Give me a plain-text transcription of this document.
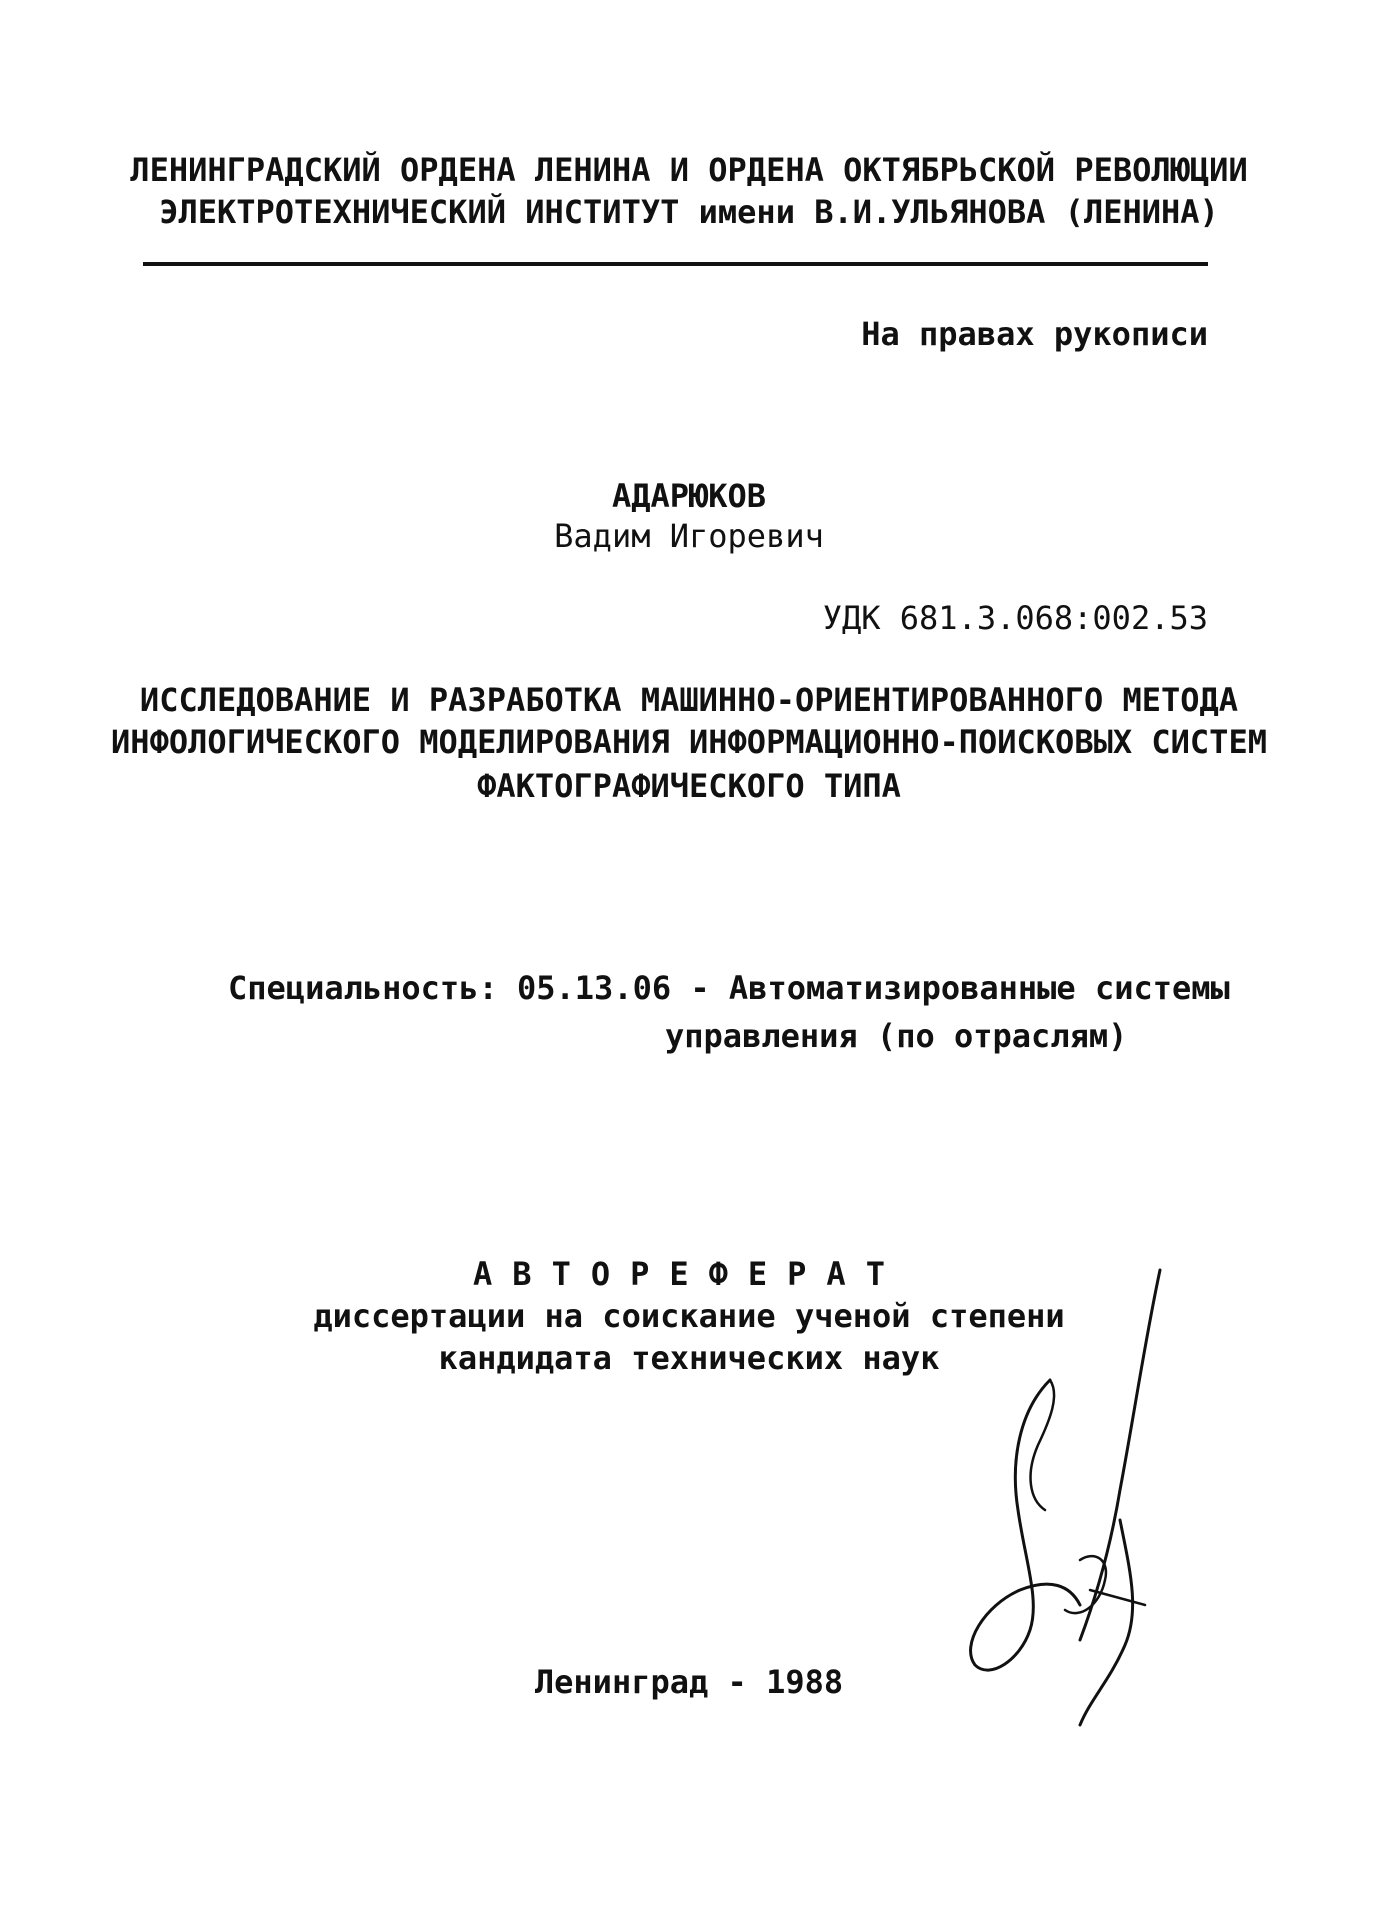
ЛЕНИНГРАДСКИЙ ОРДЕНА ЛЕНИНА И ОРДЕНА ОКТЯБРЬСКОЙ РЕВОЛЮЦИИ
ЭЛЕКТРОТЕХНИЧЕСКИЙ ИНСТИТУТ имени В.И.УЛЬЯНОВА (ЛЕНИНА)
На правах рукописи
АДАРЮКОВ
Вадим Игоревич
УДК 681.3.068:002.53
ИССЛЕДОВАНИЕ И РАЗРАБОТКА МАШИННО-ОРИЕНТИРОВАННОГО МЕТОДА
ИНФОЛОГИЧЕСКОГО МОДЕЛИРОВАНИЯ ИНФОРМАЦИОННО-ПОИСКОВЫХ СИСТЕМ
ФАКТОГРАФИЧЕСКОГО ТИПА
Специальность: 05.13.06 - Автоматизированные системы
управления (по отраслям)
АВТОРЕФЕРАТ
диссертации на соискание ученой степени
кандидата технических наук
Ленинград - 1988
